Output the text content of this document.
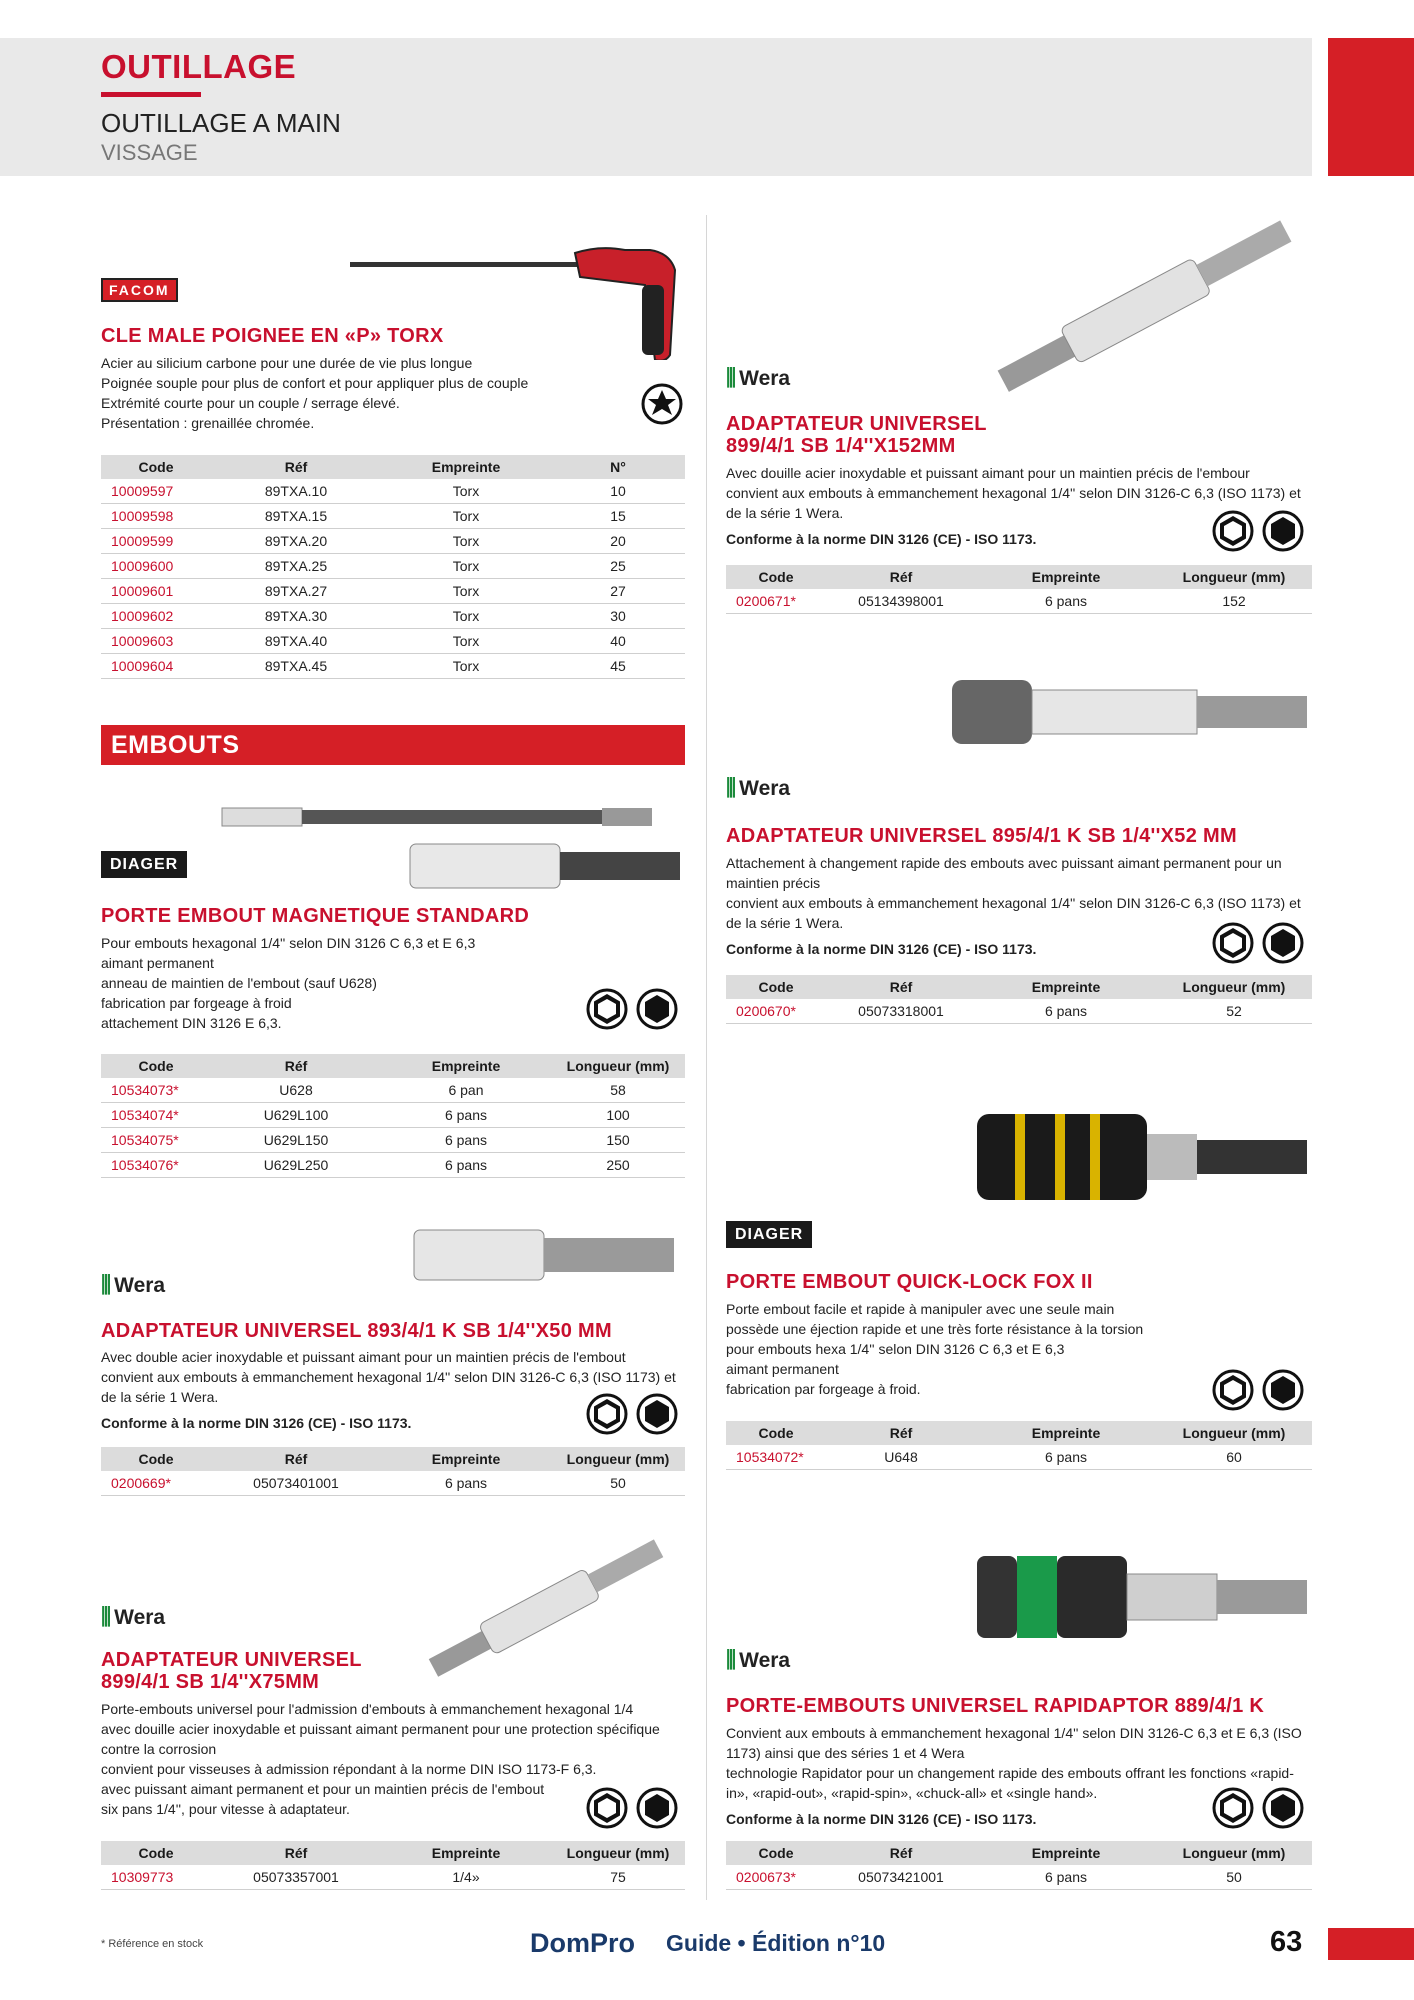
OUTILLAGE
OUTILLAGE A MAIN
VISSAGE
FACOM
CLE MALE POIGNEE EN «P» TORX
Acier au silicium carbone pour une durée de vie plus longue
Poignée souple pour plus de confort et pour appliquer plus de couple
Extrémité courte pour un couple / serrage élevé.
Présentation : grenaillée chromée.
Code	Réf	Empreinte	N°
10009597	89TXA.10	Torx	10
10009598	89TXA.15	Torx	15
10009599	89TXA.20	Torx	20
10009600	89TXA.25	Torx	25
10009601	89TXA.27	Torx	27
10009602	89TXA.30	Torx	30
10009603	89TXA.40	Torx	40
10009604	89TXA.45	Torx	45
EMBOUTS
DIAGER
PORTE EMBOUT MAGNETIQUE STANDARD
Pour embouts hexagonal 1/4'' selon DIN 3126 C 6,3 et E 6,3
aimant permanent
anneau de maintien de l'embout (sauf U628)
fabrication par forgeage à froid
attachement DIN 3126 E 6,3.
Code	Réf	Empreinte	Longueur (mm)
10534073*	U628	6 pan	58
10534074*	U629L100	6 pans	100
10534075*	U629L150	6 pans	150
10534076*	U629L250	6 pans	250
⫼ Wera
ADAPTATEUR UNIVERSEL 893/4/1 K SB 1/4''X50 MM
Avec double acier inoxydable et puissant aimant pour un maintien précis de l'embout
convient aux embouts à emmanchement hexagonal 1/4'' selon DIN 3126-C 6,3 (ISO 1173) et
de la série 1 Wera.
Conforme à la norme DIN 3126 (CE) - ISO 1173.
Code	Réf	Empreinte	Longueur (mm)
0200669*	05073401001	6 pans	50
⫼ Wera
ADAPTATEUR UNIVERSEL
899/4/1 SB 1/4''X75MM
Porte-embouts universel pour l'admission d'embouts à emmanchement hexagonal 1/4
avec douille acier inoxydable et puissant aimant permanent pour une protection spécifique
contre la corrosion
convient pour visseuses à admission répondant à la norme DIN ISO 1173-F 6,3.
avec puissant aimant permanent et pour un maintien précis de l'embout
six pans 1/4'', pour vitesse à adaptateur.
Code	Réf	Empreinte	Longueur (mm)
10309773	05073357001	1/4»	75
⫼ Wera
ADAPTATEUR UNIVERSEL
899/4/1 SB 1/4''X152MM
Avec douille acier inoxydable et puissant aimant pour un maintien précis de l'embour
convient aux embouts à emmanchement hexagonal 1/4'' selon DIN 3126-C 6,3 (ISO 1173) et
de la série 1 Wera.
Conforme à la norme DIN 3126 (CE) - ISO 1173.
Code	Réf	Empreinte	Longueur (mm)
0200671*	05134398001	6 pans	152
⫼ Wera
ADAPTATEUR UNIVERSEL 895/4/1 K SB 1/4''X52 MM
Attachement à changement rapide des embouts avec puissant aimant permanent pour un
maintien précis
convient aux embouts à emmanchement hexagonal 1/4'' selon DIN 3126-C 6,3 (ISO 1173) et
de la série 1 Wera.
Conforme à la norme DIN 3126 (CE) - ISO 1173.
Code	Réf	Empreinte	Longueur (mm)
0200670*	05073318001	6 pans	52
DIAGER
PORTE EMBOUT QUICK-LOCK FOX II
Porte embout facile et rapide à manipuler avec une seule main
possède une éjection rapide et une très forte résistance à la torsion
pour embouts hexa 1/4'' selon DIN 3126 C 6,3 et E 6,3
aimant permanent
fabrication par forgeage à froid.
Code	Réf	Empreinte	Longueur (mm)
10534072*	U648	6 pans	60
⫼ Wera
PORTE-EMBOUTS UNIVERSEL RAPIDAPTOR 889/4/1 K
Convient aux embouts à emmanchement hexagonal 1/4'' selon DIN 3126-C 6,3 et E 6,3 (ISO
1173) ainsi que des séries 1 et 4 Wera
technologie Rapidator pour un changement rapide des embouts offrant les fonctions «rapid-
in», «rapid-out», «rapid-spin», «chuck-all» et «single hand».
Conforme à la norme DIN 3126 (CE) - ISO 1173.
Code	Réf	Empreinte	Longueur (mm)
0200673*	05073421001	6 pans	50
* Référence en stock	DomPro Guide • Édition n°10	63
